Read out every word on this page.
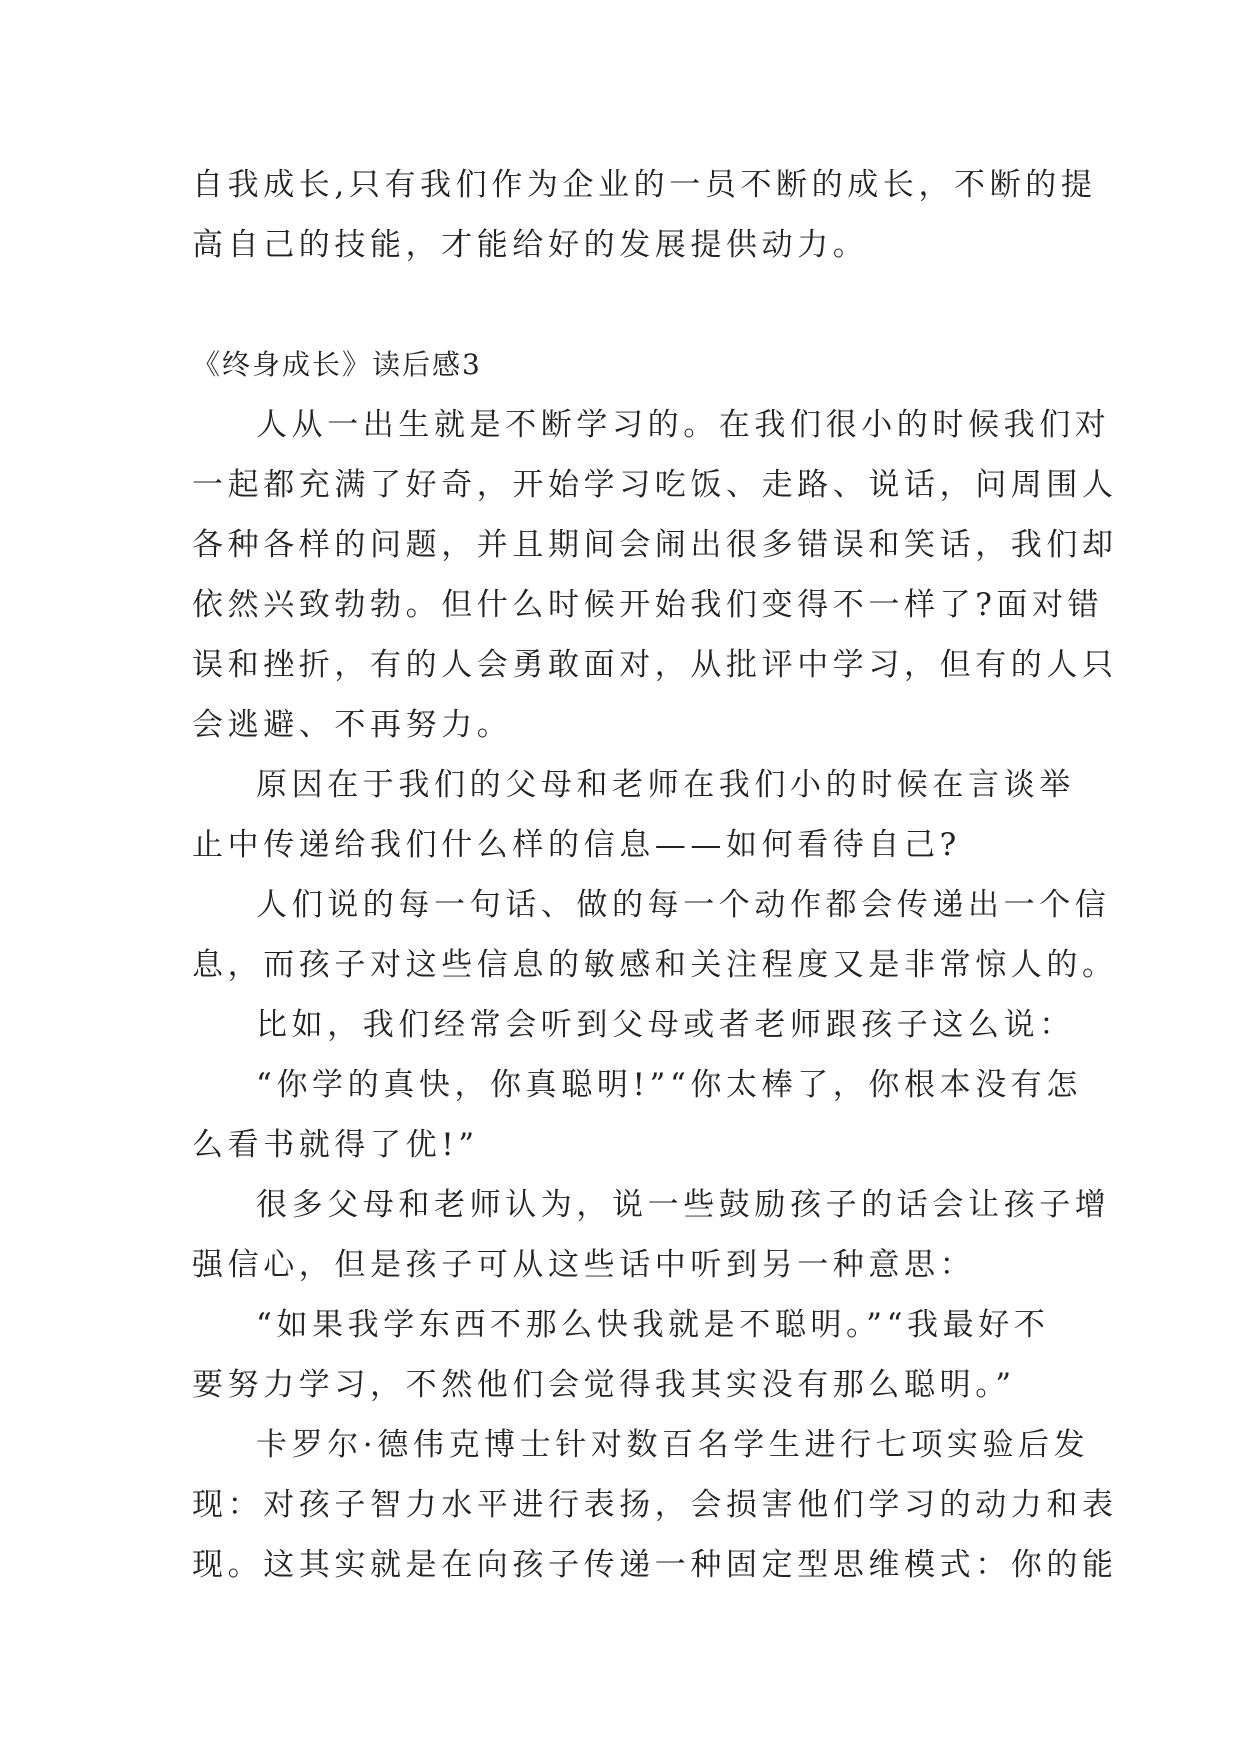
自我成长,只有我们作为企业的一员不断的成长，不断的提
高自己的技能，才能给好的发展提供动力。
《终身成长》读后感3
人从一出生就是不断学习的。在我们很小的时候我们对
一起都充满了好奇，开始学习吃饭、走路、说话，问周围人
各种各样的问题，并且期间会闹出很多错误和笑话，我们却
依然兴致勃勃。但什么时候开始我们变得不一样了?面对错
误和挫折，有的人会勇敢面对，从批评中学习，但有的人只
会逃避、不再努力。
原因在于我们的父母和老师在我们小的时候在言谈举
止中传递给我们什么样的信息——如何看待自己?
人们说的每一句话、做的每一个动作都会传递出一个信
息，而孩子对这些信息的敏感和关注程度又是非常惊人的。
比如，我们经常会听到父母或者老师跟孩子这么说：
“你学的真快，你真聪明!”“你太棒了，你根本没有怎
么看书就得了优!”
很多父母和老师认为，说一些鼓励孩子的话会让孩子增
强信心，但是孩子可从这些话中听到另一种意思：
“如果我学东西不那么快我就是不聪明。”“我最好不
要努力学习，不然他们会觉得我其实没有那么聪明。”
卡罗尔·德伟克博士针对数百名学生进行七项实验后发
现：对孩子智力水平进行表扬，会损害他们学习的动力和表
现。这其实就是在向孩子传递一种固定型思维模式：你的能
